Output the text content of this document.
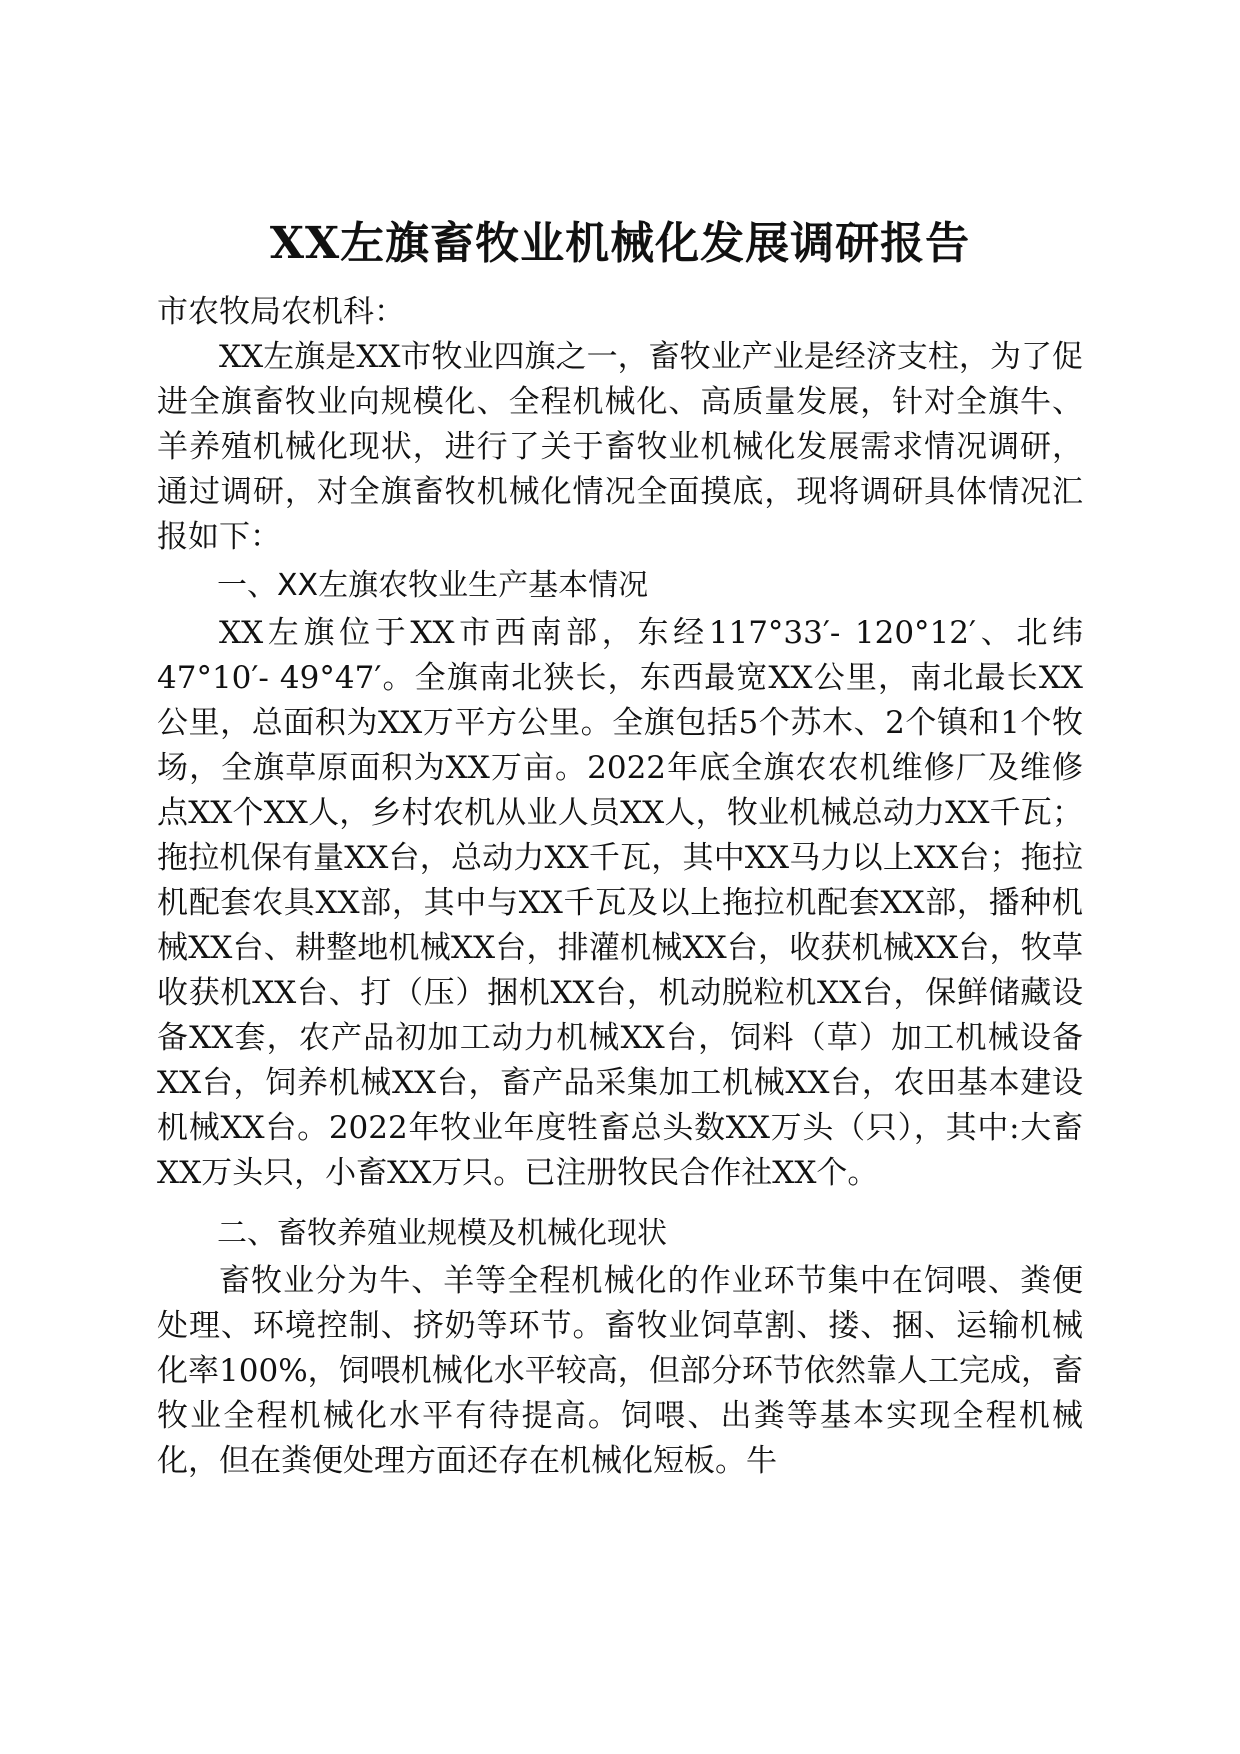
XX左旗畜牧业机械化发展调研报告

市农牧局农机科：

XX左旗是XX市牧业四旗之一，畜牧业产业是经济支柱，为了促进全旗畜牧业向规模化、全程机械化、高质量发展，针对全旗牛、羊养殖机械化现状，进行了关于畜牧业机械化发展需求情况调研，通过调研，对全旗畜牧机械化情况全面摸底，现将调研具体情况汇报如下：

一、XX左旗农牧业生产基本情况

XX左旗位于XX市西南部，东经117°33′- 120°12′、北纬47°10′- 49°47′。全旗南北狭长，东西最宽XX公里，南北最长XX公里，总面积为XX万平方公里。全旗包括5个苏木、2个镇和1个牧场，全旗草原面积为XX万亩。2022年底全旗农农机维修厂及维修点XX个XX人，乡村农机从业人员XX人，牧业机械总动力XX千瓦；拖拉机保有量XX台，总动力XX千瓦，其中XX马力以上XX台；拖拉机配套农具XX部，其中与XX千瓦及以上拖拉机配套XX部，播种机械XX台、耕整地机械XX台，排灌机械XX台，收获机械XX台，牧草收获机XX台、打（压）捆机XX台，机动脱粒机XX台，保鲜储藏设备XX套，农产品初加工动力机械XX台，饲料（草）加工机械设备XX台，饲养机械XX台，畜产品采集加工机械XX台，农田基本建设机械XX台。2022年牧业年度牲畜总头数XX万头（只），其中:大畜XX万头只，小畜XX万只。已注册牧民合作社XX个。

二、畜牧养殖业规模及机械化现状

畜牧业分为牛、羊等全程机械化的作业环节集中在饲喂、粪便处理、环境控制、挤奶等环节。畜牧业饲草割、搂、捆、运输机械化率100%，饲喂机械化水平较高，但部分环节依然靠人工完成，畜牧业全程机械化水平有待提高。饲喂、出粪等基本实现全程机械化，但在粪便处理方面还存在机械化短板。牛
